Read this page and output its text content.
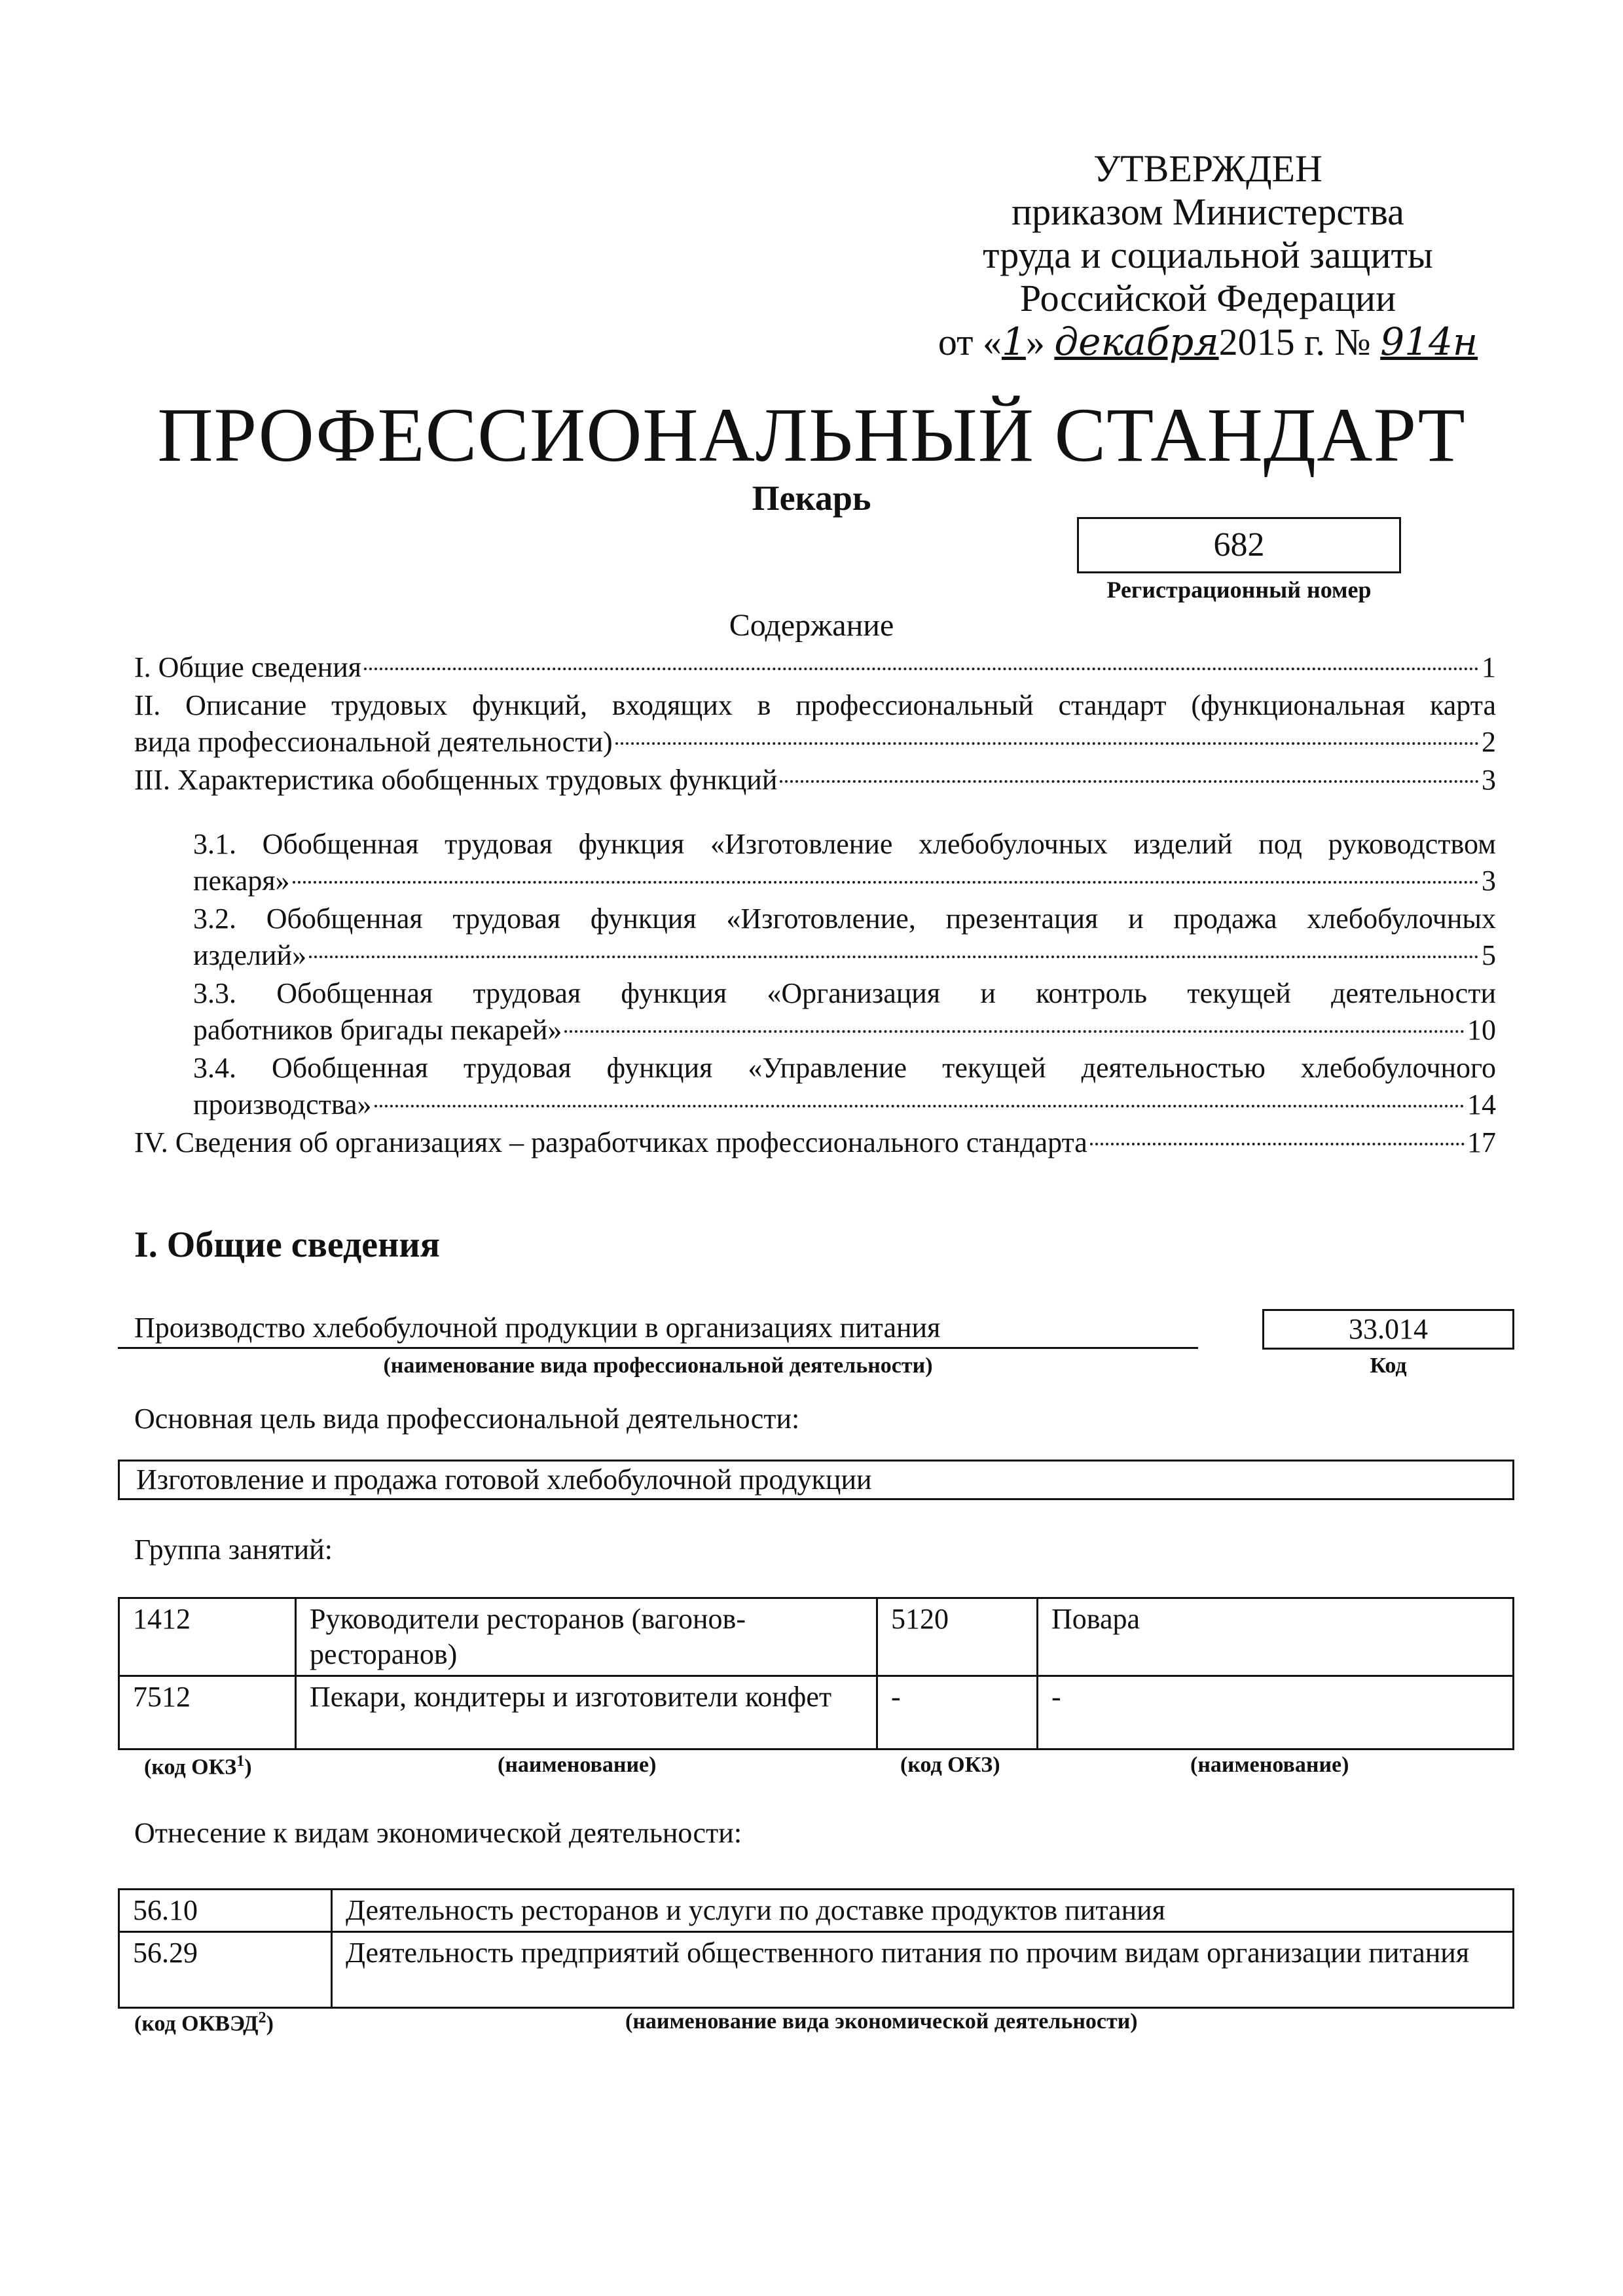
УТВЕРЖДЕН
приказом Министерства
труда и социальной защиты
Российской Федерации
от «1» декабря2015 г. № 914н
ПРОФЕССИОНАЛЬНЫЙ СТАНДАРТ
Пекарь
682
Регистрационный номер
Содержание
I. Общие сведения	1
II. Описание трудовых функций, входящих в профессиональный стандарт (функциональная карта
вида профессиональной деятельности)	2
III. Характеристика обобщенных трудовых функций	3
3.1. Обобщенная трудовая функция «Изготовление хлебобулочных изделий под руководством
пекаря»	3
3.2. Обобщенная трудовая функция «Изготовление, презентация и продажа хлебобулочных
изделий»	5
3.3. Обобщенная трудовая функция «Организация и контроль текущей деятельности
работников бригады пекарей»	10
3.4. Обобщенная трудовая функция «Управление текущей деятельностью хлебобулочного
производства»	14
IV. Сведения об организациях – разработчиках профессионального стандарта	17
I. Общие сведения
Производство хлебобулочной продукции в организациях питания
(наименование вида профессиональной деятельности)
33.014
Код
Основная цель вида профессиональной деятельности:
Изготовление и продажа готовой хлебобулочной продукции
Группа занятий:
1412	Руководители ресторанов (вагонов-ресторанов)	5120	Повара
7512	Пекари, кондитеры и изготовители конфет	-	-
(код ОКЗ$^1$)	(наименование)	(код ОКЗ)	(наименование)
Отнесение к видам экономической деятельности:
56.10	Деятельность ресторанов и услуги по доставке продуктов питания
56.29	Деятельность предприятий общественного питания по прочим видам организации питания
(код ОКВЭД$^2$)	(наименование вида экономической деятельности)
